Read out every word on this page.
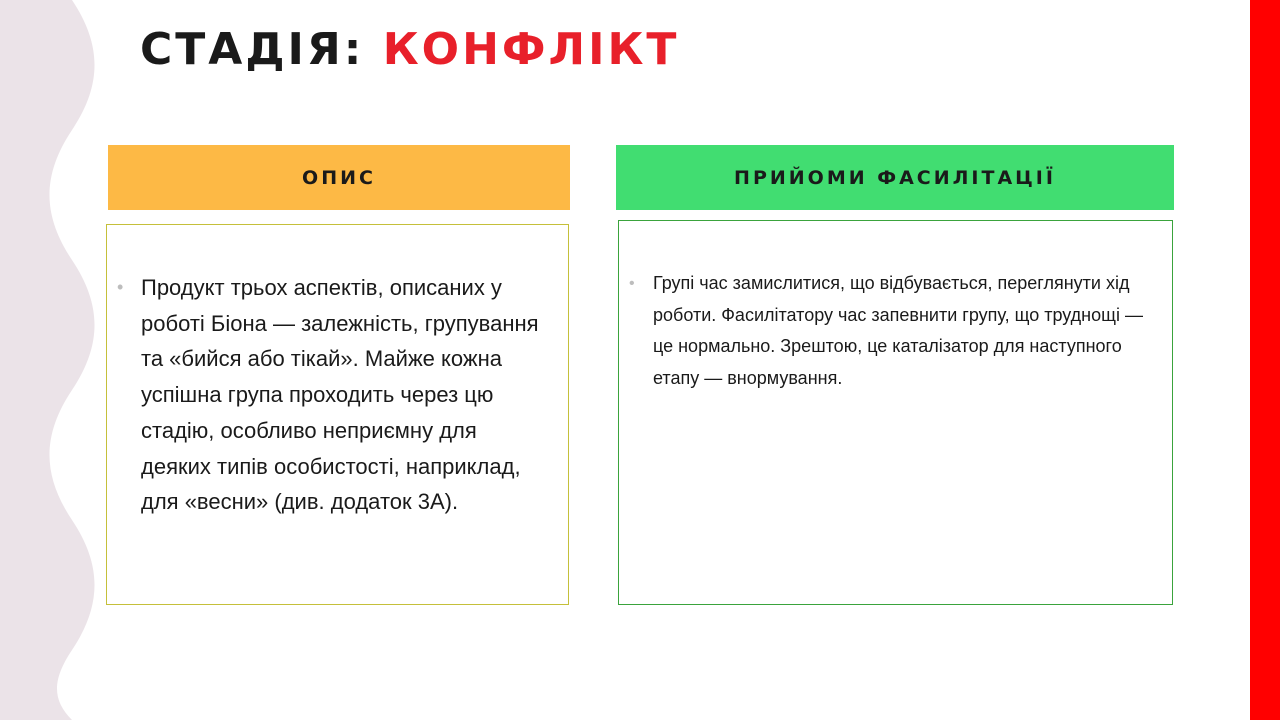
СТАДІЯ: КОНФЛІКТ
ОПИС	ПРИЙОМИ ФАСИЛІТАЦІЇ
• Продукт трьох аспектів, описаних у роботі Біона — залежність, групування та «бийся або тікай». Майже кожна успішна група проходить через цю стадію, особливо неприємну для деяких типів особистості, наприклад, для «весни» (див. додаток 3А).
• Групі час замислитися, що відбувається, переглянути хід роботи. Фасилітатору час запевнити групу, що труднощі — це нормально. Зрештою, це каталізатор для наступного етапу — внормування.
